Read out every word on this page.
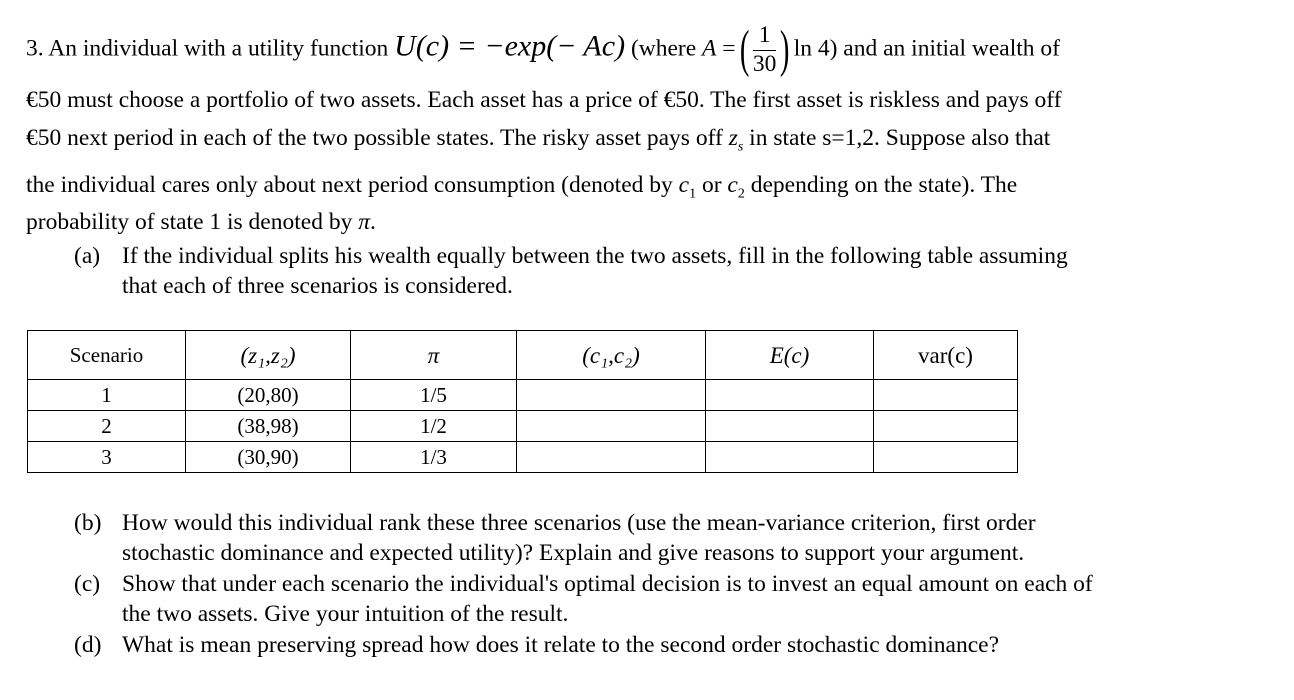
3. An individual with a utility function U(c) = −exp(− Ac) (where A =( $\frac{1}{30}$ ) ln 4) and an initial wealth of
€50 must choose a portfolio of two assets. Each asset has a price of €50. The first asset is riskless and pays off
€50 next period in each of the two possible states. The risky asset pays off $z_s$ in state s=1,2. Suppose also that
the individual cares only about next period consumption (denoted by $c_1$ or $c_2$ depending on the state). The
probability of state 1 is denoted by π.
(a) If the individual splits his wealth equally between the two assets, fill in the following table assuming
that each of three scenarios is considered.
Scenario	(z₁,z₂)	π	(c₁,c₂)	E(c)	var(c)
1	(20,80)	1/5			
2	(38,98)	1/2			
3	(30,90)	1/3			
(b) How would this individual rank these three scenarios (use the mean-variance criterion, first order
stochastic dominance and expected utility)? Explain and give reasons to support your argument.
(c) Show that under each scenario the individual's optimal decision is to invest an equal amount on each of
the two assets. Give your intuition of the result.
(d) What is mean preserving spread how does it relate to the second order stochastic dominance?
